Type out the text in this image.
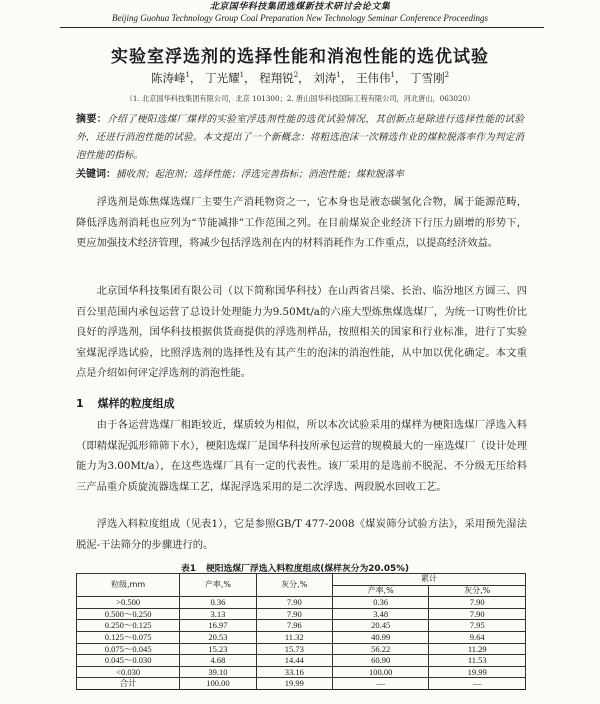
北京国华科技集团选煤新技术研讨会论文集
Beijing Guohua Technology Group Coal Preparation New Technology Seminar Conference Proceedings
实验室浮选剂的选择性能和消泡性能的选优试验
陈涛峰$^1$， 丁光耀$^1$， 程翔锐$^2$， 刘涛$^1$， 王伟伟$^1$， 丁雪刚$^2$
（1. 北京国华科技集团有限公司，北京 101300；2. 唐山国华科技国际工程有限公司，河北唐山，063020）
摘要：介绍了梗阳选煤厂煤样的实验室浮选剂性能的选优试验情况，其创新点是除进行选择性能的试验外，还进行消泡性能的试验。本文提出了一个新概念：将粗选泡沫一次精选作业的煤粒脱落率作为判定消泡性能的指标。
关键词：捕收剂；起泡剂；选择性能；浮选完善指标；消泡性能；煤粒脱落率

浮选剂是炼焦煤选煤厂主要生产消耗物资之一，它本身也是液态碳氢化合物，属于能源范畴，降低浮选剂消耗也应列为“节能减排”工作范围之列。在目前煤炭企业经济下行压力剧增的形势下，更应加强技术经济管理，将减少包括浮选剂在内的材料消耗作为工作重点，以提高经济效益。

北京国华科技集团有限公司（以下简称国华科技）在山西省吕梁、长治、临汾地区方圆三、四百公里范围内承包运营了总设计处理能力为9.50Mt/a的六座大型炼焦煤选煤厂，为统一订购性价比良好的浮选剂，国华科技根据供货商提供的浮选剂样品，按照相关的国家和行业标准，进行了实验室煤泥浮选试验，比照浮选剂的选择性及有其产生的泡沫的消泡性能，从中加以优化确定。本文重点是介绍如何评定浮选剂的消泡性能。

1 煤样的粒度组成

由于各运营选煤厂相距较近，煤质较为相似，所以本次试验采用的煤样为梗阳选煤厂浮选入料（即精煤泥弧形筛筛下水），梗阳选煤厂是国华科技所承包运营的规模最大的一座选煤厂（设计处理能力为3.00Mt/a），在这些选煤厂具有一定的代表性。该厂采用的是选前不脱泥、不分级无压给料三产品重介质旋流器选煤工艺，煤泥浮选采用的是二次浮选、两段脱水回收工艺。

浮选入料粒度组成（见表1），它是参照GB/T 477-2008《煤炭筛分试验方法》，采用预先湿法脱泥-干法筛分的步骤进行的。

表1 梗阳选煤厂浮选入料粒度组成(煤样灰分为20.05%)
粒级,mm	产率,%	灰分,%	累计	
			产率,%	灰分,%
>0.500	0.36	7.90	0.36	7.90
0.500～0.250	3.13	7.90	3.48	7.90
0.250～0.125	16.97	7.96	20.45	7.95
0.125～0.075	20.53	11.32	40.99	9.64
0.075～0.045	15.23	15.73	56.22	11.29
0.045～0.030	4.68	14.44	60.90	11.53
<0.030	39.10	33.16	100.00	19.99
合计	100.00	19.99	—	—
